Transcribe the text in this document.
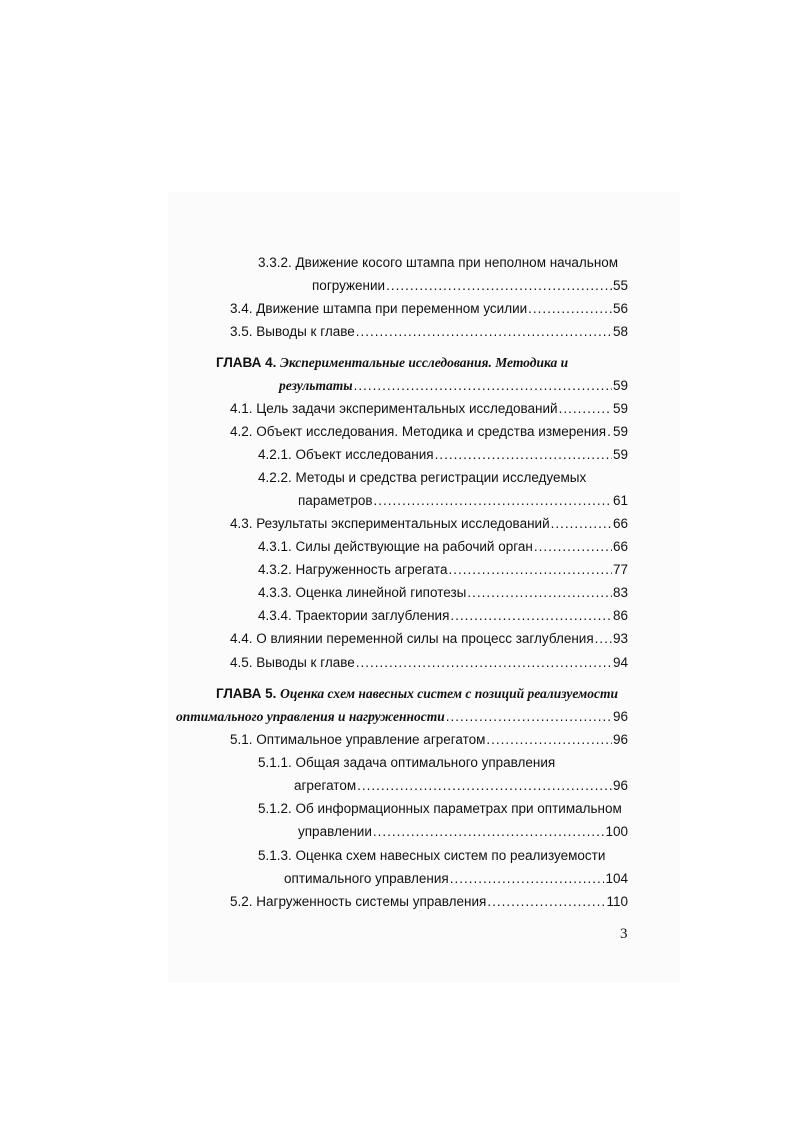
3.3.2. Движение косого штампа при неполном начальном
погружении .....	55
3.4. Движение штампа при переменном усилии .....	56
3.5. Выводы к главе .....	58
ГЛАВА 4. Экспериментальные исследования. Методика и
результаты .....	59
4.1. Цель задачи экспериментальных исследований .....	59
4.2. Объект исследования. Методика и средства измерения ..... 59
4.2.1. Объект исследования .....	59
4.2.2. Методы и средства регистрации исследуемых
параметров .....	61
4.3. Результаты экспериментальных исследований .....	66
4.3.1. Силы действующие на рабочий орган .....	66
4.3.2. Нагруженность агрегата .....	77
4.3.3. Оценка линейной гипотезы .....	83
4.3.4. Траектории заглубления .....	86
4.4. О влиянии переменной силы на процесс заглубления ..... 93
4.5. Выводы к главе .....	94
ГЛАВА 5. Оценка схем навесных систем с позиций реализуемости
оптимального управления и нагруженности .....	96
5.1. Оптимальное управление агрегатом .....	96
5.1.1. Общая задача оптимального управления
агрегатом .....	96
5.1.2. Об информационных параметрах при оптимальном
управлении .....	100
5.1.3. Оценка схем навесных систем по реализуемости
оптимального управления .....	104
5.2. Нагруженность системы управления .....	110
3
